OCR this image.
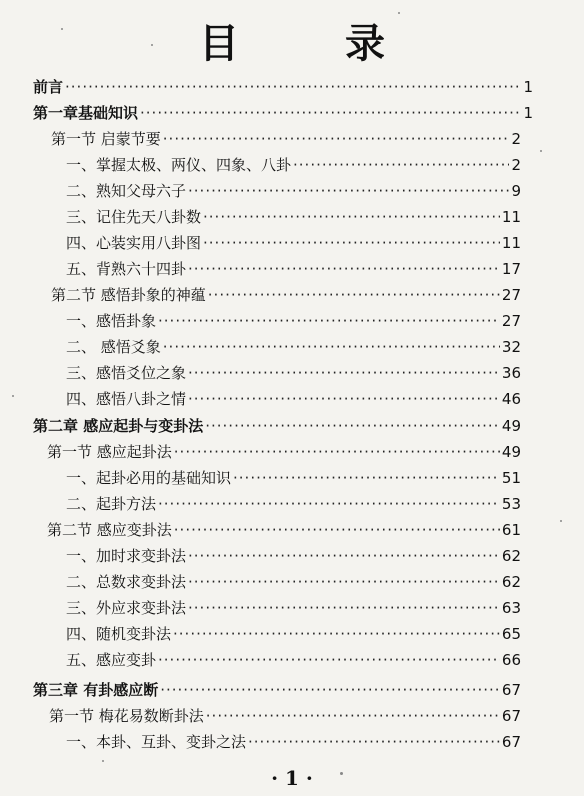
目 录
前言 ·····	1
第一章基础知识 ·····	1
第一节 启蒙节要 ·····	2
一、掌握太极、两仪、四象、八卦 ·····	2
二、熟知父母六子 ·····	9
三、记住先天八卦数 ·····	11
四、心装实用八卦图 ·····	11
五、背熟六十四卦 ·····	17
第二节 感悟卦象的神蕴 ·····	27
一、感悟卦象 ·····	27
二、 感悟爻象 ·····	32
三、感悟爻位之象 ·····	36
四、感悟八卦之情 ·····	46
第二章 感应起卦与变卦法 ·····	49
第一节 感应起卦法 ·····	49
一、起卦必用的基础知识 ·····	51
二、起卦方法 ·····	53
第二节 感应变卦法 ·····	61
一、加时求变卦法 ·····	62
二、总数求变卦法 ·····	62
三、外应求变卦法 ·····	63
四、随机变卦法 ·····	65
五、感应变卦 ·····	66
第三章 有卦感应断 ·····	67
第一节 梅花易数断卦法 ·····	67
一、本卦、互卦、变卦之法 ·····	67
· 1 ·
